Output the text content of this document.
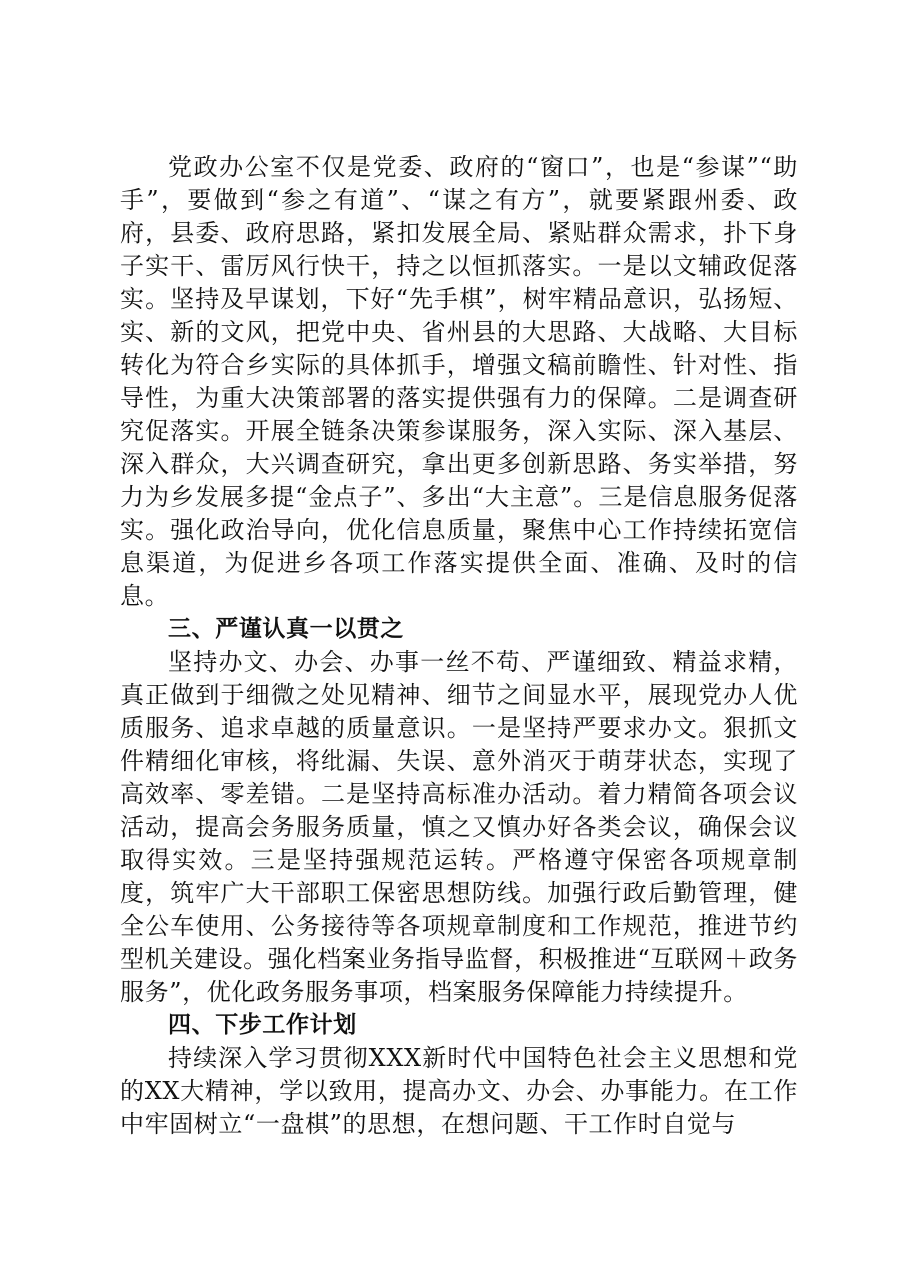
党政办公室不仅是党委、政府的“窗口”，也是“参谋”“助手”，要做到“参之有道”、“谋之有方”，就要紧跟州委、政府，县委、政府思路，紧扣发展全局、紧贴群众需求，扑下身子实干、雷厉风行快干，持之以恒抓落实。一是以文辅政促落实。坚持及早谋划，下好“先手棋”，树牢精品意识，弘扬短、实、新的文风，把党中央、省州县的大思路、大战略、大目标转化为符合乡实际的具体抓手，增强文稿前瞻性、针对性、指导性，为重大决策部署的落实提供强有力的保障。二是调查研究促落实。开展全链条决策参谋服务，深入实际、深入基层、深入群众，大兴调查研究，拿出更多创新思路、务实举措，努力为乡发展多提“金点子”、多出“大主意”。三是信息服务促落实。强化政治导向，优化信息质量，聚焦中心工作持续拓宽信息渠道，为促进乡各项工作落实提供全面、准确、及时的信息。

三、严谨认真一以贯之

坚持办文、办会、办事一丝不苟、严谨细致、精益求精，真正做到于细微之处见精神、细节之间显水平，展现党办人优质服务、追求卓越的质量意识。一是坚持严要求办文。狠抓文件精细化审核，将纰漏、失误、意外消灭于萌芽状态，实现了高效率、零差错。二是坚持高标准办活动。着力精简各项会议活动，提高会务服务质量，慎之又慎办好各类会议，确保会议取得实效。三是坚持强规范运转。严格遵守保密各项规章制度，筑牢广大干部职工保密思想防线。加强行政后勤管理，健全公车使用、公务接待等各项规章制度和工作规范，推进节约型机关建设。强化档案业务指导监督，积极推进“互联网＋政务服务”，优化政务服务事项，档案服务保障能力持续提升。

四、下步工作计划

持续深入学习贯彻XXX新时代中国特色社会主义思想和党的XX大精神，学以致用，提高办文、办会、办事能力。在工作中牢固树立“一盘棋”的思想，在想问题、干工作时自觉与
